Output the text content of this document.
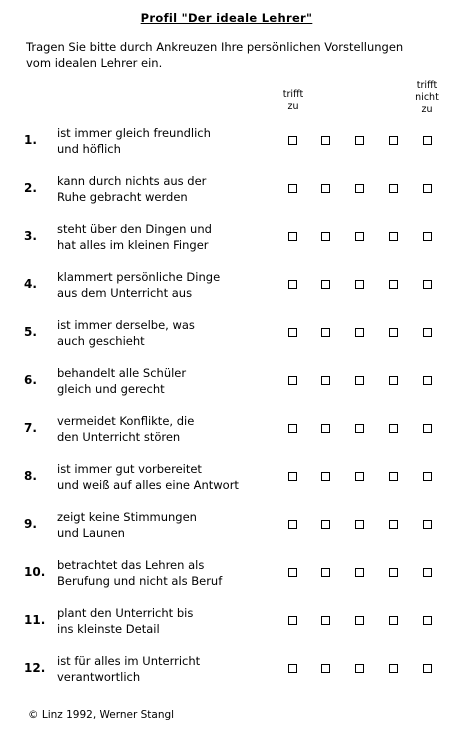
Profil "Der ideale Lehrer"
Tragen Sie bitte durch Ankreuzen Ihre persönlichen Vorstellungen
vom idealen Lehrer ein.
trifft
zu
trifft
nicht
zu
1. ist immer gleich freundlich
und höflich
2. kann durch nichts aus der
Ruhe gebracht werden
3. steht über den Dingen und
hat alles im kleinen Finger
4. klammert persönliche Dinge
aus dem Unterricht aus
5. ist immer derselbe, was
auch geschieht
6. behandelt alle Schüler
gleich und gerecht
7. vermeidet Konflikte, die
den Unterricht stören
8. ist immer gut vorbereitet
und weiß auf alles eine Antwort
9. zeigt keine Stimmungen
und Launen
10. betrachtet das Lehren als
Berufung und nicht als Beruf
11. plant den Unterricht bis
ins kleinste Detail
12. ist für alles im Unterricht
verantwortlich
© Linz 1992, Werner Stangl
